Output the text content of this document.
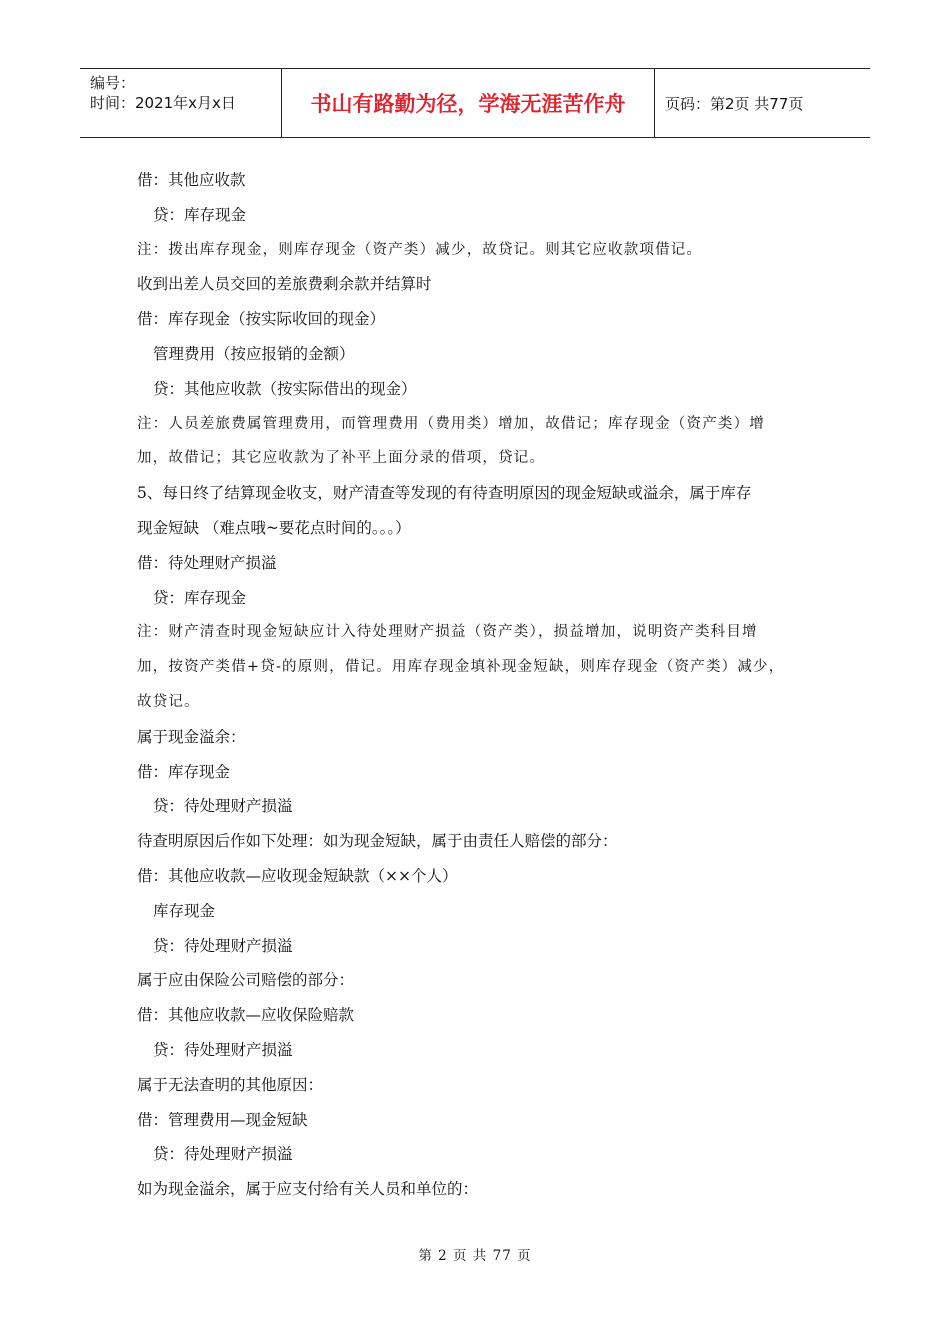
编号：
时间：2021年x月x日	书山有路勤为径，学海无涯苦作舟	页码：第2页 共77页
借：其他应收款
贷：库存现金
注：拨出库存现金，则库存现金（资产类）减少，故贷记。则其它应收款项借记。
收到出差人员交回的差旅费剩余款并结算时
借：库存现金（按实际收回的现金）
管理费用（按应报销的金额）
贷：其他应收款（按实际借出的现金）
注：人员差旅费属管理费用，而管理费用（费用类）增加，故借记；库存现金（资产类）增
加，故借记；其它应收款为了补平上面分录的借项，贷记。
5、每日终了结算现金收支，财产清查等发现的有待查明原因的现金短缺或溢余，属于库存
现金短缺 （难点哦~要花点时间的。。。）
借：待处理财产损溢
贷：库存现金
注：财产清查时现金短缺应计入待处理财产损益（资产类），损益增加，说明资产类科目增
加，按资产类借+贷-的原则，借记。用库存现金填补现金短缺，则库存现金（资产类）减少，
故贷记。
属于现金溢余：
借：库存现金
贷：待处理财产损溢
待查明原因后作如下处理：如为现金短缺，属于由责任人赔偿的部分：
借：其他应收款—应收现金短缺款（××个人）
库存现金
贷：待处理财产损溢
属于应由保险公司赔偿的部分：
借：其他应收款—应收保险赔款
贷：待处理财产损溢
属于无法查明的其他原因：
借：管理费用—现金短缺
贷：待处理财产损溢
如为现金溢余，属于应支付给有关人员和单位的：
第 2 页 共 77 页
